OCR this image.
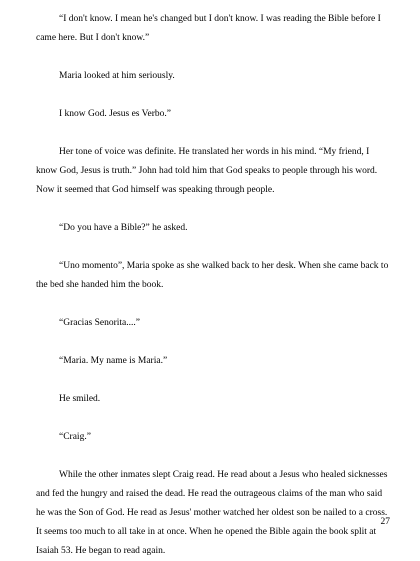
“I don't know. I mean he's changed but I don't know. I was reading the Bible before I came here. But I don't know.”

Maria looked at him seriously.

I know God. Jesus es Verbo.”

Her tone of voice was definite. He translated her words in his mind. “My friend, I know God, Jesus is truth.” John had told him that God speaks to people through his word. Now it seemed that God himself was speaking through people.

“Do you have a Bible?” he asked.

“Uno momento”, Maria spoke as she walked back to her desk. When she came back to the bed she handed him the book.

“Gracias Senorita....”

“Maria. My name is Maria.”

He smiled.

“Craig.”

While the other inmates slept Craig read. He read about a Jesus who healed sicknesses and fed the hungry and raised the dead. He read the outrageous claims of the man who said he was the Son of God. He read as Jesus' mother watched her oldest son be nailed to a cross. It seems too much to all take in at once. When he opened the Bible again the book split at Isaiah 53. He began to read again.

27
